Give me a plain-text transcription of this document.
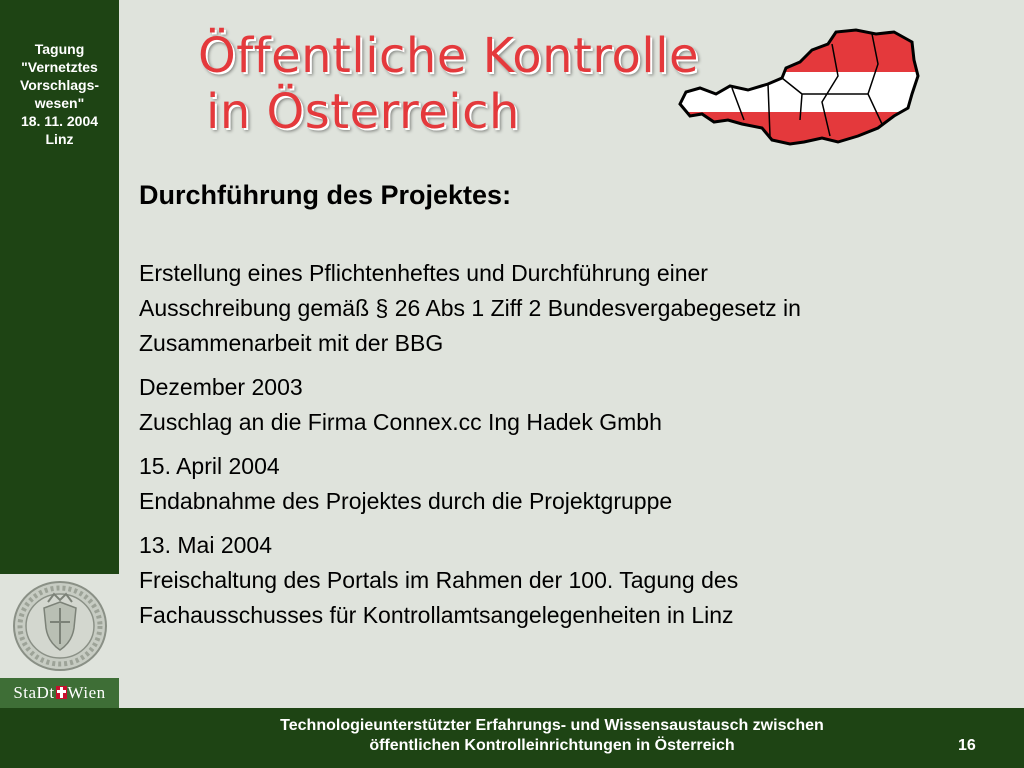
Tagung
"Vernetztes
Vorschlags-
wesen"
18. 11. 2004
Linz
StaDt Wien
Öffentliche Kontrolle
in Österreich
Durchführung des Projektes:

Erstellung eines Pflichtenheftes und Durchführung einer
Ausschreibung gemäß § 26 Abs 1 Ziff 2 Bundesvergabegesetz in
Zusammenarbeit mit der BBG

Dezember 2003
Zuschlag an die Firma Connex.cc Ing Hadek Gmbh

15. April 2004
Endabnahme des Projektes durch die Projektgruppe

13. Mai 2004
Freischaltung des Portals im Rahmen der 100. Tagung des
Fachausschusses für Kontrollamtsangelegenheiten in Linz

Technologieunterstützter Erfahrungs- und Wissensaustausch zwischen
öffentlichen Kontrolleinrichtungen in Österreich	16
